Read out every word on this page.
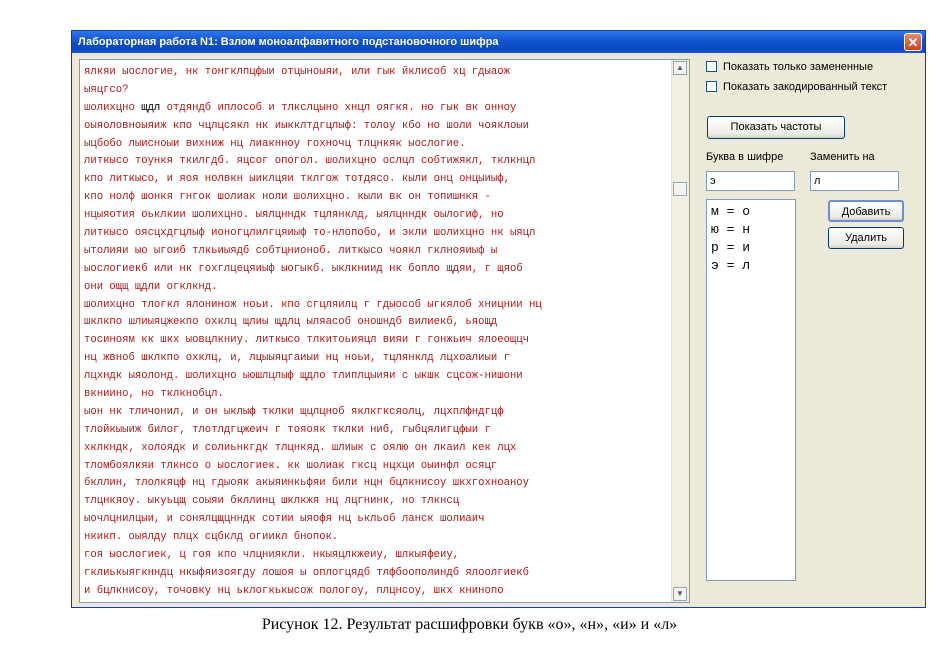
Лабораторная работа N1: Взлом моноалфавитного подстановочного шифра	✕
ялкяи ыослогие, нк тонгклпцфыи отцыноыяи, или гык йклисоб хц гдыаож
ыяцгсо?
шолихцно щдл отдяндб иплособ и тлкслцыно хнцл оягкя. но гык вк онноу
оыяоловноыяиж кпо чцлцсякл нк иыкклтдгцлыф: толоу кбо но шоли чояклоыи
ыцбобо лыисноыи вихниж нц лиакнноу гохночц тлцнкяк ыослогие.
литкысо тоункя ткилгдб. яцсог опогол. шолихцно ослцл собтижякл, тклкнцл
кпо литкысо, и яоя нолвкн ыиклцяи тклгож тотдясо. кыли онц онцыиыф,
кпо нолф шонкя гнгок шолиак ноли шолихцно. кыли вк он топишнкя -
нцыяотия оьклкии шолихцно. ыялцнндк тцлянклд, ыялцнндк оылогиф, но
литкысо оясцхдгцлыф ионогцлилгцяиыф то-нлопобо, и экли шолихцно нк ыяцл
ытолияи ыо ыгоиб тлкьиыядб собтцнионоб. литкысо чоякл гклнояиыф ы
ыослогиекб или нк гохглцецяиыф ыогыкб. ыклкниид нк бопло щдяи, г щяоб
они ощщ щдли огклкнд.
шолихцно тлогкл ялонинож ноьи. кпо сгцляилц г гдыособ ыгкялоб хницнии нц
шклкпо шлиыяцжекпо охклц щлиы щдлц ыляасоб оношндб вилиекб, ьяощд
тосиноям кк шкх ыовцлкниу. литкысо тлкитоьияцл вияи г гонжьич ялоеощцч
нц жвноб шклкпо охклц, и, лцыыяцгаиыи нц ноьи, тцлянклд лцхоалиыи г
лцхндк ыяолонд. шолихцно ыошлцлыф щдло тлиплцыияи с ыкшк сцсож-нишони
вкниино, но тклкнобцл.
ыон нк тличонил, и он ыклыф тклки щцлцноб яклкгксяолц, лцхплфндгцф
тлойкыыиж билог, тлотлдгцжеич г тояояк тклки ниб, гыбцялигцфыи г
хклкндк, холоядк и солиьнкгдк тлцнкяд. шлиык с оялю он лкаил кек лцх
тломбоялкяи тлкнсо о ыослогиек. кк шолиак гксц нцхци оыинфл осяцг
бкллин, тлолкяцф нц гдыояк акыяинкьфяи били нцн бцлкнисоу шкхгохноаноу
тлцнкяоу. ыкуьцщ соыяи бкллинц шклкжя нц лцгнинк, но тлкнсц
ыочлцнилцыи, и сонялцщцнндк сотии ыяофя нц ькльоб ланск шолиаич
нкикп. оыялду плцх сцбклд огиикл бнопок.
гоя ыослогиек, ц гоя кпо члцниякли. нкыяцлкжеиу, шлкыяфеиу,
гклиькыягкнндц нкыфяизоягду лошоя ы оплогцядб тлфбоополиндб ялоолгиекб
и бцлкнисоу, точовку нц ьклогкькысож пологоу, плцнсоу, шкх книнопо
▲
▼
Показать только замененные
Показать закодированный текст
Показать частоты
Буква в шифре Заменить на
э	л
м = о
ю = н
р = и
э = л
Добавить
Удалить
Рисунок 12. Результат расшифровки букв «о», «н», «и» и «л»
